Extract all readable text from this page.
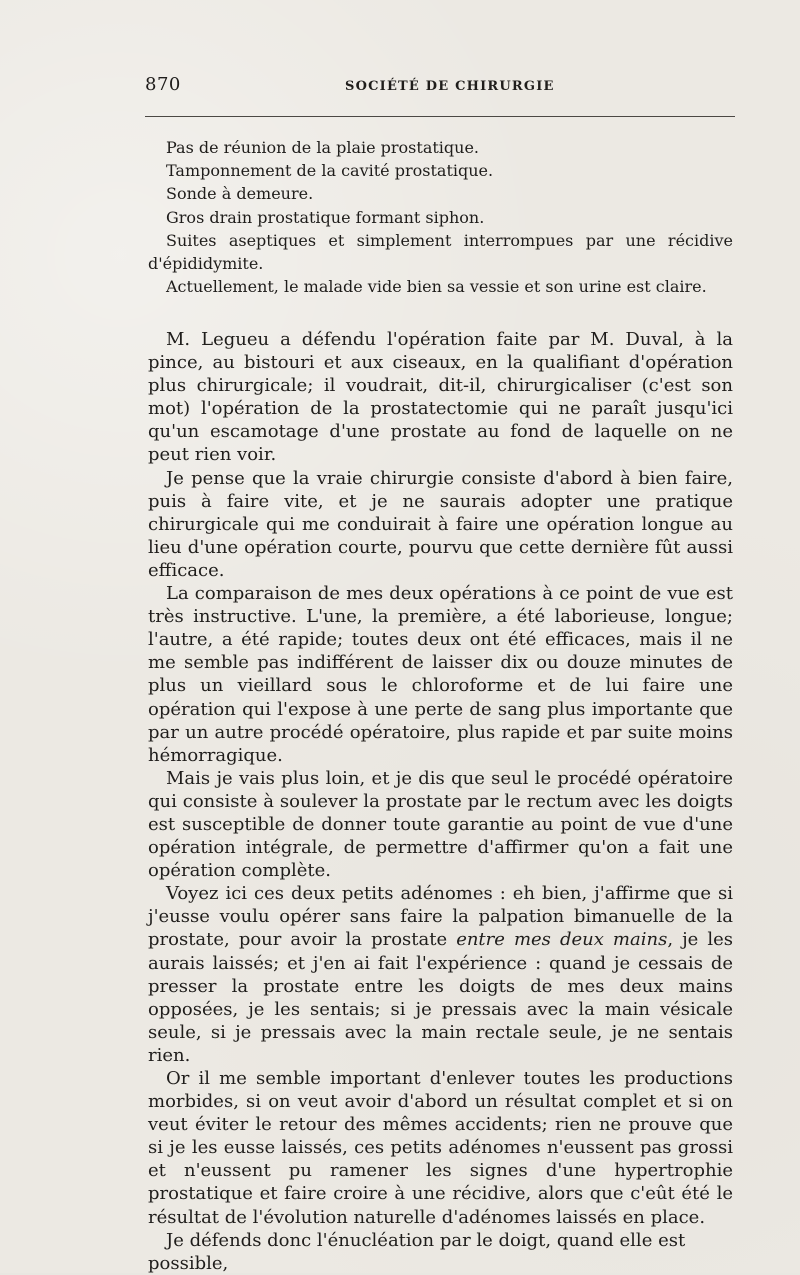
870	SOCIÉTÉ DE CHIRURGIE

Pas de réunion de la plaie prostatique.

Tamponnement de la cavité prostatique.

Sonde à demeure.

Gros drain prostatique formant siphon.

Suites aseptiques et simplement interrompues par une récidive d'épididymite.

Actuellement, le malade vide bien sa vessie et son urine est claire.

M. Legueu a défendu l'opération faite par M. Duval, à la pince, au bistouri et aux ciseaux, en la qualifiant d'opération plus chirurgicale; il voudrait, dit-il, chirurgicaliser (c'est son mot) l'opération de la prostatectomie qui ne paraît jusqu'ici qu'un escamotage d'une prostate au fond de laquelle on ne peut rien voir.

Je pense que la vraie chirurgie consiste d'abord à bien faire, puis à faire vite, et je ne saurais adopter une pratique chirurgicale qui me conduirait à faire une opération longue au lieu d'une opération courte, pourvu que cette dernière fût aussi efficace.

La comparaison de mes deux opérations à ce point de vue est très instructive. L'une, la première, a été laborieuse, longue; l'autre, a été rapide; toutes deux ont été efficaces, mais il ne me semble pas indifférent de laisser dix ou douze minutes de plus un vieillard sous le chloroforme et de lui faire une opération qui l'expose à une perte de sang plus importante que par un autre procédé opératoire, plus rapide et par suite moins hémorragique.

Mais je vais plus loin, et je dis que seul le procédé opératoire qui consiste à soulever la prostate par le rectum avec les doigts est susceptible de donner toute garantie au point de vue d'une opération intégrale, de permettre d'affirmer qu'on a fait une opération complète.

Voyez ici ces deux petits adénomes : eh bien, j'affirme que si j'eusse voulu opérer sans faire la palpation bimanuelle de la prostate, pour avoir la prostate entre mes deux mains, je les aurais laissés; et j'en ai fait l'expérience : quand je cessais de presser la prostate entre les doigts de mes deux mains opposées, je les sentais; si je pressais avec la main vésicale seule, si je pressais avec la main rectale seule, je ne sentais rien.

Or il me semble important d'enlever toutes les productions morbides, si on veut avoir d'abord un résultat complet et si on veut éviter le retour des mêmes accidents; rien ne prouve que si je les eusse laissés, ces petits adénomes n'eussent pas grossi et n'eussent pu ramener les signes d'une hypertrophie prostatique et faire croire à une récidive, alors que c'eût été le résultat de l'évolution naturelle d'adénomes laissés en place.

Je défends donc l'énucléation par le doigt, quand elle est possible,
